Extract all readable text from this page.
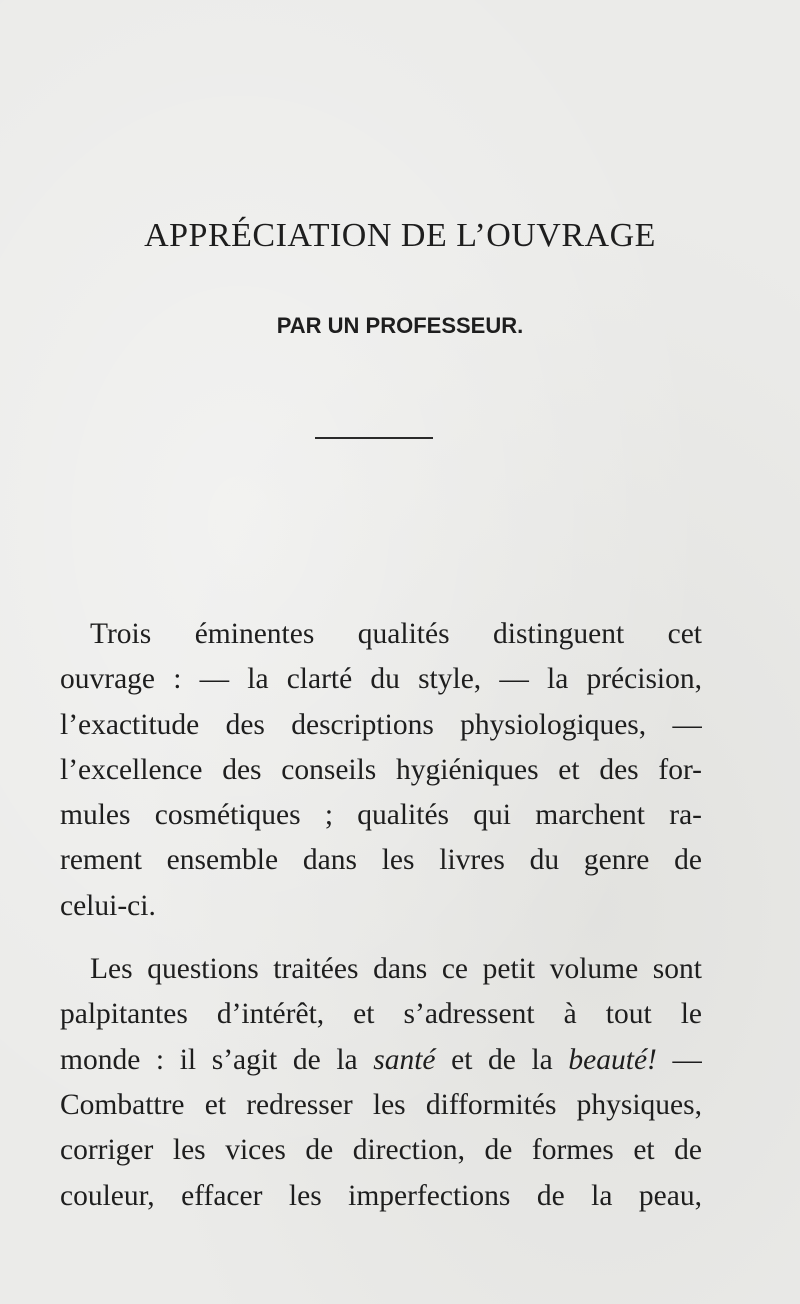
APPRÉCIATION DE L’OUVRAGE
PAR UN PROFESSEUR.
Trois éminentes qualités distinguent cet
ouvrage : — la clarté du style, — la précision,
l’exactitude des descriptions physiologiques, —
l’excellence des conseils hygiéniques et des for-
mules cosmétiques ; qualités qui marchent ra-
rement ensemble dans les livres du genre de
celui-ci.
Les questions traitées dans ce petit volume sont
palpitantes d’intérêt, et s’adressent à tout le
monde : il s’agit de la santé et de la beauté! —
Combattre et redresser les difformités physiques,
corriger les vices de direction, de formes et de
couleur, effacer les imperfections de la peau,
